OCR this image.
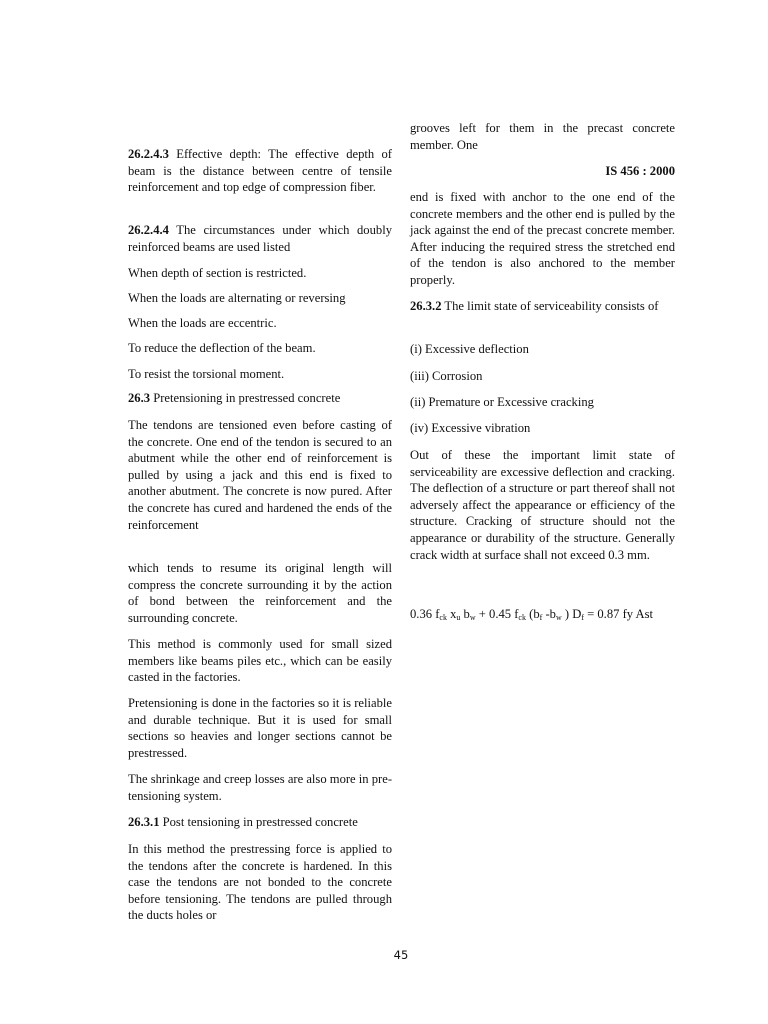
26.2.4.3 Effective depth: The effective depth of beam is the distance between centre of tensile reinforcement and top edge of compression fiber.

26.2.4.4 The circumstances under which doubly reinforced beams are used listed

When depth of section is restricted.

When the loads are alternating or reversing

When the loads are eccentric.

To reduce the deflection of the beam.

To resist the torsional moment.

26.3 Pretensioning in prestressed concrete

The tendons are tensioned even before casting of the concrete. One end of the tendon is secured to an abutment while the other end of reinforcement is pulled by using a jack and this end is fixed to another abutment. The concrete is now pured. After the concrete has cured and hardened the ends of the reinforcement

which tends to resume its original length will compress the concrete surrounding it by the action of bond between the reinforcement and the surrounding concrete.

This method is commonly used for small sized members like beams piles etc., which can be easily casted in the factories.

Pretensioning is done in the factories so it is reliable and durable technique. But it is used for small sections so heavies and longer sections cannot be prestressed.

The shrinkage and creep losses are also more in pre-tensioning system.

26.3.1 Post tensioning in prestressed concrete

In this method the prestressing force is applied to the tendons after the concrete is hardened. In this case the tendons are not bonded to the concrete before tensioning. The tendons are pulled through the ducts holes or

grooves left for them in the precast concrete member. One

IS 456 : 2000

end is fixed with anchor to the one end of the concrete members and the other end is pulled by the jack against the end of the precast concrete member. After inducing the required stress the stretched end of the tendon is also anchored to the member properly.

26.3.2 The limit state of serviceability consists of

(i) Excessive deflection

(iii) Corrosion

(ii) Premature or Excessive cracking

(iv) Excessive vibration

Out of these the important limit state of serviceability are excessive deflection and cracking. The deflection of a structure or part thereof shall not adversely affect the appearance or efficiency of the structure. Cracking of structure should not the appearance or durability of the structure. Generally crack width at surface shall not exceed 0.3 mm.

0.36 $f_{ck}$ $x_u$ $b_w + 0.45$ $f_{ck}$ ($b_f$ $-b_w$ ) $D_f = 0.87$ fy Ast

45
